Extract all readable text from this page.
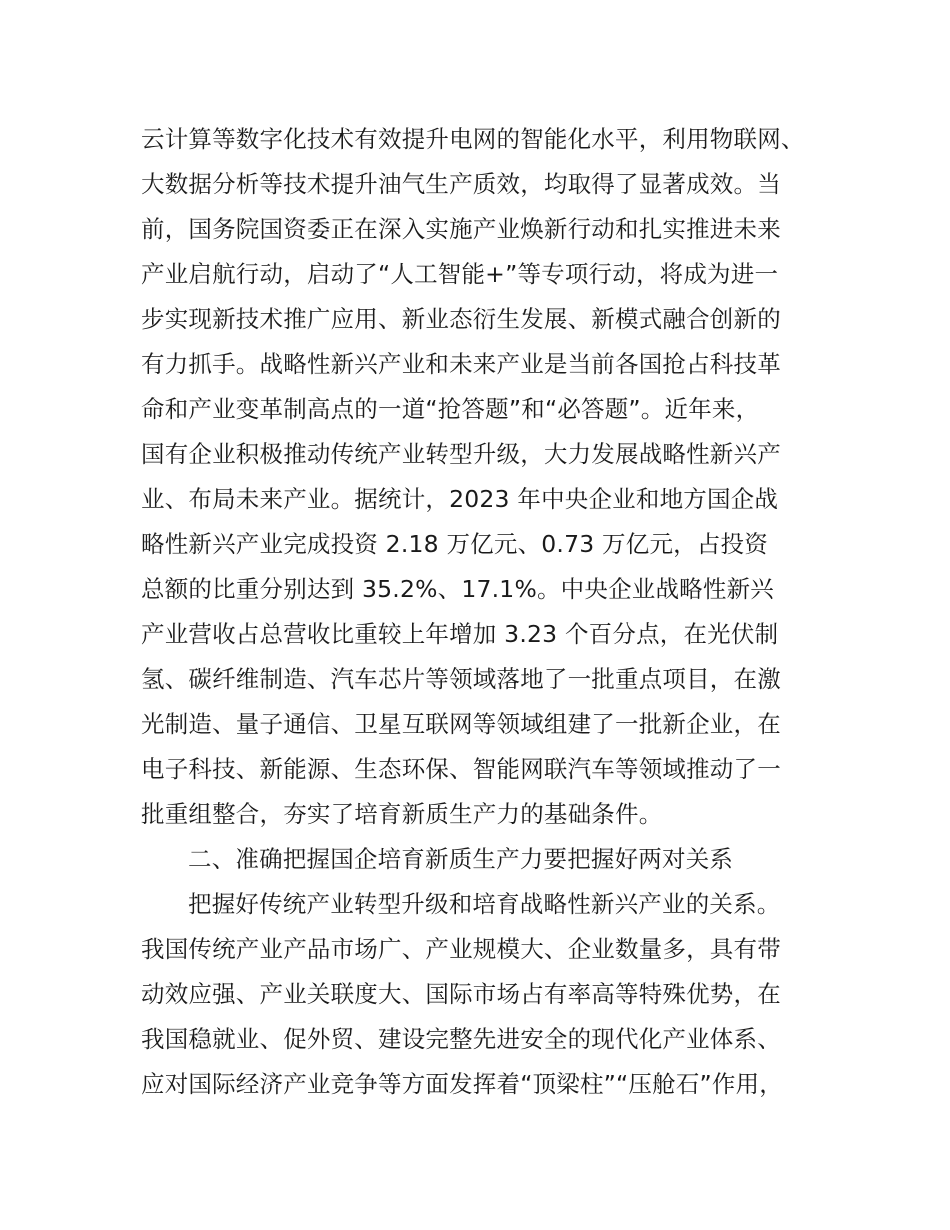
云计算等数字化技术有效提升电网的智能化水平，利用物联网、
大数据分析等技术提升油气生产质效，均取得了显著成效。当
前，国务院国资委正在深入实施产业焕新行动和扎实推进未来
产业启航行动，启动了“人工智能+”等专项行动，将成为进一
步实现新技术推广应用、新业态衍生发展、新模式融合创新的
有力抓手。战略性新兴产业和未来产业是当前各国抢占科技革
命和产业变革制高点的一道“抢答题”和“必答题”。近年来，
国有企业积极推动传统产业转型升级，大力发展战略性新兴产
业、布局未来产业。据统计，2023 年中央企业和地方国企战
略性新兴产业完成投资 2.18 万亿元、0.73 万亿元，占投资
总额的比重分别达到 35.2%、17.1%。中央企业战略性新兴
产业营收占总营收比重较上年增加 3.23 个百分点，在光伏制
氢、碳纤维制造、汽车芯片等领域落地了一批重点项目，在激
光制造、量子通信、卫星互联网等领域组建了一批新企业，在
电子科技、新能源、生态环保、智能网联汽车等领域推动了一
批重组整合，夯实了培育新质生产力的基础条件。
二、准确把握国企培育新质生产力要把握好两对关系
把握好传统产业转型升级和培育战略性新兴产业的关系。
我国传统产业产品市场广、产业规模大、企业数量多，具有带
动效应强、产业关联度大、国际市场占有率高等特殊优势，在
我国稳就业、促外贸、建设完整先进安全的现代化产业体系、
应对国际经济产业竞争等方面发挥着“顶梁柱”“压舱石”作用，
